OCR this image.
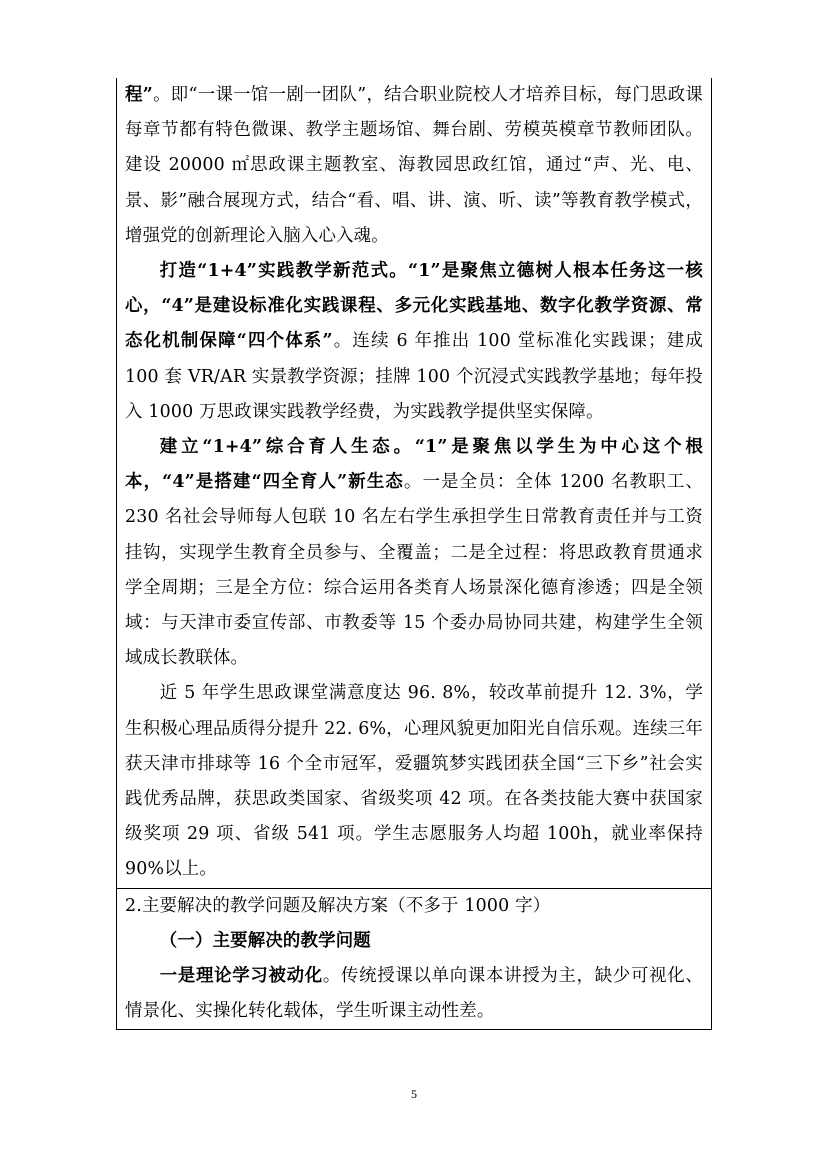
程”。即“一课一馆一剧一团队”，结合职业院校人才培养目标，每门思政课每章节都有特色微课、教学主题场馆、舞台剧、劳模英模章节教师团队。建设 20000 ㎡思政课主题教室、海教园思政红馆，通过“声、光、电、景、影”融合展现方式，结合“看、唱、讲、演、听、读”等教育教学模式，增强党的创新理论入脑入心入魂。

打造“1+4”实践教学新范式。“1”是聚焦立德树人根本任务这一核心，“4”是建设标准化实践课程、多元化实践基地、数字化教学资源、常态化机制保障“四个体系”。连续 6 年推出 100 堂标准化实践课；建成 100 套 VR/AR 实景教学资源；挂牌 100 个沉浸式实践教学基地；每年投入 1000 万思政课实践教学经费，为实践教学提供坚实保障。

建立“1+4”综合育人生态。“1”是聚焦以学生为中心这个根本，“4”是搭建“四全育人”新生态。一是全员：全体 1200 名教职工、230 名社会导师每人包联 10 名左右学生承担学生日常教育责任并与工资挂钩，实现学生教育全员参与、全覆盖；二是全过程：将思政教育贯通求学全周期；三是全方位：综合运用各类育人场景深化德育渗透；四是全领域：与天津市委宣传部、市教委等 15 个委办局协同共建，构建学生全领域成长教联体。

近 5 年学生思政课堂满意度达 96. 8%，较改革前提升 12. 3%，学生积极心理品质得分提升 22. 6%，心理风貌更加阳光自信乐观。连续三年获天津市排球等 16 个全市冠军，爱疆筑梦实践团获全国“三下乡”社会实践优秀品牌，获思政类国家、省级奖项 42 项。在各类技能大赛中获国家级奖项 29 项、省级 541 项。学生志愿服务人均超 100h，就业率保持 90%以上。

2.主要解决的教学问题及解决方案（不多于 1000 字）

（一）主要解决的教学问题

一是理论学习被动化。传统授课以单向课本讲授为主，缺少可视化、情景化、实操化转化载体，学生听课主动性差。

5
